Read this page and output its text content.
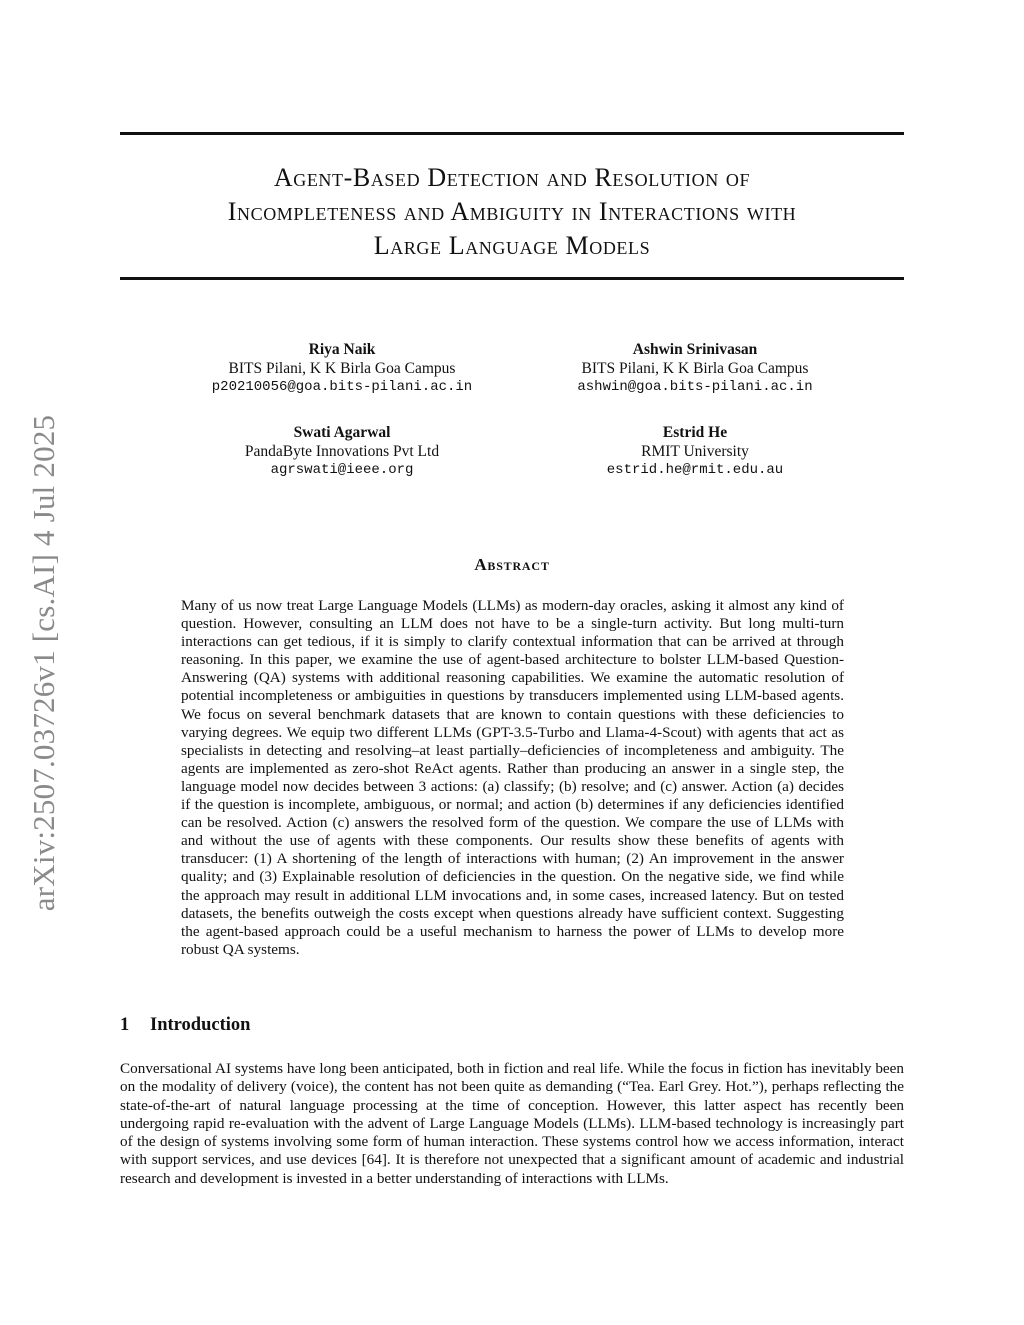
arXiv:2507.03726v1 [cs.AI] 4 Jul 2025
Agent-Based Detection and Resolution of
Incompleteness and Ambiguity in Interactions with
Large Language Models
Riya Naik
BITS Pilani, K K Birla Goa Campus
p20210056@goa.bits-pilani.ac.in
Ashwin Srinivasan
BITS Pilani, K K Birla Goa Campus
ashwin@goa.bits-pilani.ac.in
Swati Agarwal
PandaByte Innovations Pvt Ltd
agrswati@ieee.org
Estrid He
RMIT University
estrid.he@rmit.edu.au
Abstract
Many of us now treat Large Language Models (LLMs) as modern-day oracles, asking it almost any kind of question. However, consulting an LLM does not have to be a single-turn activity. But long multi-turn interactions can get tedious, if it is simply to clarify contextual information that can be arrived at through reasoning. In this paper, we examine the use of agent-based architecture to bolster LLM-based Question-Answering (QA) systems with additional reasoning capabilities. We examine the automatic resolution of potential incompleteness or ambiguities in questions by transducers implemented using LLM-based agents. We focus on several benchmark datasets that are known to contain questions with these deficiencies to varying degrees. We equip two different LLMs (GPT-3.5-Turbo and Llama-4-Scout) with agents that act as specialists in detecting and resolving–at least partially–deficiencies of incompleteness and ambiguity. The agents are implemented as zero-shot ReAct agents. Rather than producing an answer in a single step, the language model now decides between 3 actions: (a) classify; (b) resolve; and (c) answer. Action (a) decides if the question is incomplete, ambiguous, or normal; and action (b) determines if any deficiencies identified can be resolved. Action (c) answers the resolved form of the question. We compare the use of LLMs with and without the use of agents with these components. Our results show these benefits of agents with transducer: (1) A shortening of the length of interactions with human; (2) An improvement in the answer quality; and (3) Explainable resolution of deficiencies in the question. On the negative side, we find while the approach may result in additional LLM invocations and, in some cases, increased latency. But on tested datasets, the benefits outweigh the costs except when questions already have sufficient context. Suggesting the agent-based approach could be a useful mechanism to harness the power of LLMs to develop more robust QA systems.
1 Introduction
Conversational AI systems have long been anticipated, both in fiction and real life. While the focus in fiction has inevitably been on the modality of delivery (voice), the content has not been quite as demanding (“Tea. Earl Grey. Hot.”), perhaps reflecting the state-of-the-art of natural language processing at the time of conception. However, this latter aspect has recently been undergoing rapid re-evaluation with the advent of Large Language Models (LLMs). LLM-based technology is increasingly part of the design of systems involving some form of human interaction. These systems control how we access information, interact with support services, and use devices [64]. It is therefore not unexpected that a significant amount of academic and industrial research and development is invested in a better understanding of interactions with LLMs.
